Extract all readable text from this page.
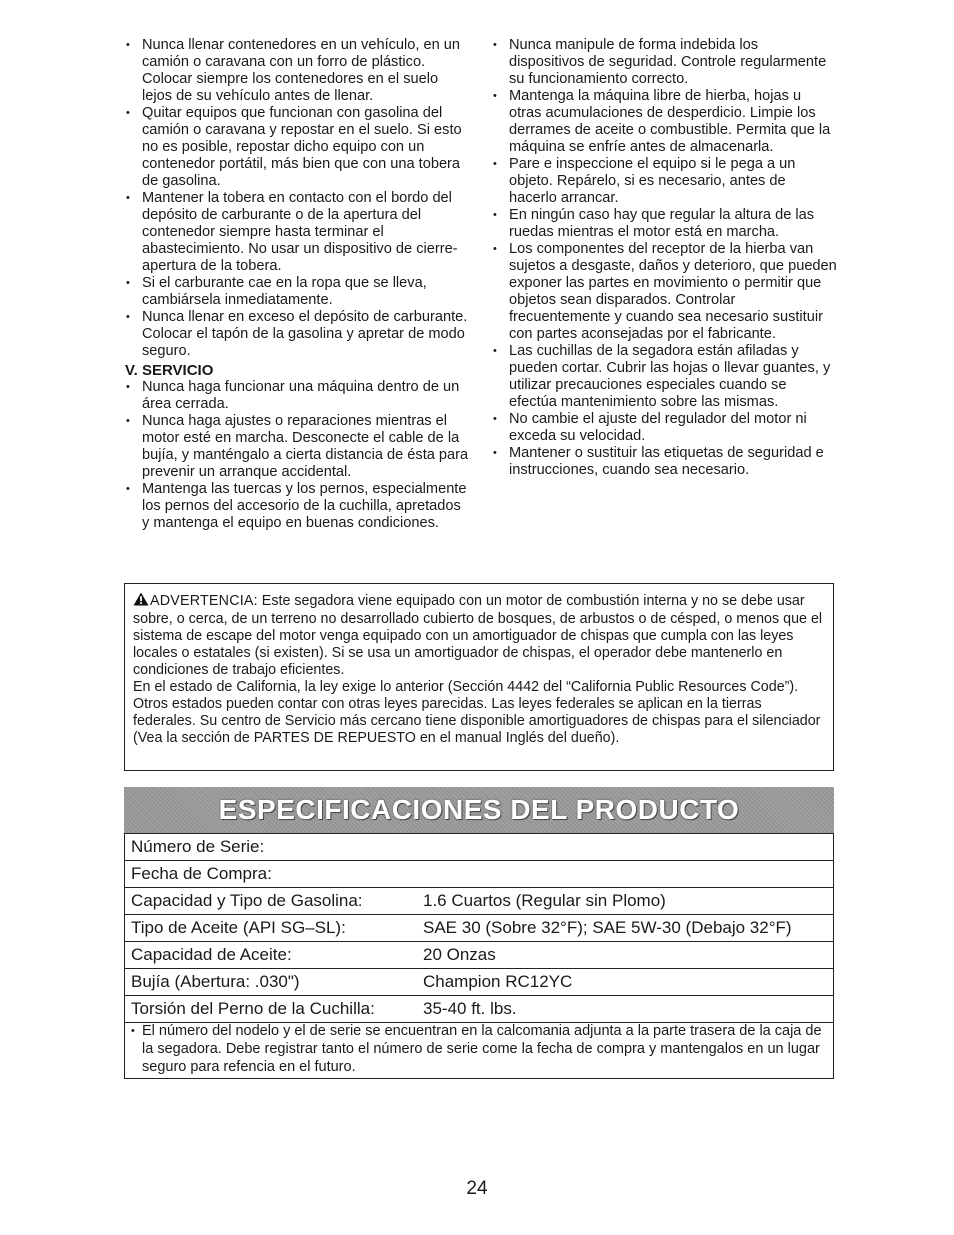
• Nunca llenar contenedores en un vehículo, en un camión o caravana con un forro de plástico. Colocar siempre los contenedores en el suelo lejos de su vehículo antes de llenar.
• Quitar equipos que funcionan con gasolina del camión o caravana y repostar en el suelo. Si esto no es posible, repostar dicho equipo con un contenedor portátil, más bien que con una tobera de gasolina.
• Mantener la tobera en contacto con el bordo del depósito de carburante o de la apertura del contenedor siempre hasta terminar el abastecimiento. No usar un dispositivo de cierre-apertura de la tobera.
• Si el carburante cae en la ropa que se lleva, cambiársela inmediatamente.
• Nunca llenar en exceso el depósito de carburante. Colocar el tapón de la gasolina y apretar de modo seguro.
V. SERVICIO
• Nunca haga funcionar una máquina dentro de un área cerrada.
• Nunca haga ajustes o reparaciones mientras el motor esté en marcha. Desconecte el cable de la bujía, y manténgalo a cierta distancia de ésta para prevenir un arranque accidental.
• Mantenga las tuercas y los pernos, especialmente los pernos del accesorio de la cuchilla, apretados y mantenga el equipo en buenas condiciones.
• Nunca manipule de forma indebida los dispositivos de seguridad. Controle regularmente su funcionamiento correcto.
• Mantenga la máquina libre de hierba, hojas u otras acumulaciones de desperdicio. Limpie los derrames de aceite o combustible. Permita que la máquina se enfríe antes de almacenarla.
• Pare e inspeccione el equipo si le pega a un objeto. Repárelo, si es necesario, antes de hacerlo arrancar.
• En ningún caso hay que regular la altura de las ruedas mientras el motor está en marcha.
• Los componentes del receptor de la hierba van sujetos a desgaste, daños y deterioro, que pueden exponer las partes en movimiento o permitir que objetos sean disparados. Controlar frecuentemente y cuando sea necesario sustituir con partes aconsejadas por el fabricante.
• Las cuchillas de la segadora están afiladas y pueden cortar. Cubrir las hojas o llevar guantes, y utilizar precauciones especiales cuando se efectúa mantenimiento sobre las mismas.
• No cambie el ajuste del regulador del motor ni exceda su velocidad.
• Mantener o sustituir las etiquetas de seguridad e instrucciones, cuando sea necesario.

ADVERTENCIA: Este segadora viene equipado con un motor de combustión interna y no se debe usar sobre, o cerca, de un terreno no desarrollado cubierto de bosques, de arbustos o de césped, o menos que el sistema de escape del motor venga equipado con un amortiguador de chispas que cumpla con las leyes locales o estatales (si existen). Si se usa un amortiguador de chispas, el operador debe mantenerlo en condiciones de trabajo eficientes.

En el estado de California, la ley exige lo anterior (Sección 4442 del “California Public Resources Code”). Otros estados pueden contar con otras leyes parecidas. Las leyes federales se aplican en la tierras federales. Su centro de Servicio más cercano tiene disponible amortiguadores de chispas para el silenciador (Vea la sección de PARTES DE REPUESTO en el manual Inglés del dueño).

ESPECIFICACIONES DEL PRODUCTO
Número de Serie:	
Fecha de Compra:	
Capacidad y Tipo de Gasolina:	1.6 Cuartos (Regular sin Plomo)
Tipo de Aceite (API SG–SL):	SAE 30 (Sobre 32°F); SAE 5W-30 (Debajo 32°F)
Capacidad de Aceite:	20 Onzas
Bujía (Abertura: .030")	Champion RC12YC
Torsión del Perno de la Cuchilla:	35-40 ft. lbs.
• El número del nodelo y el de serie se encuentran en la calcomania adjunta a la parte trasera de la caja de la segadora. Debe registrar tanto el número de serie come la fecha de compra y mantengalos en un lugar seguro para refencia en el futuro.
24
